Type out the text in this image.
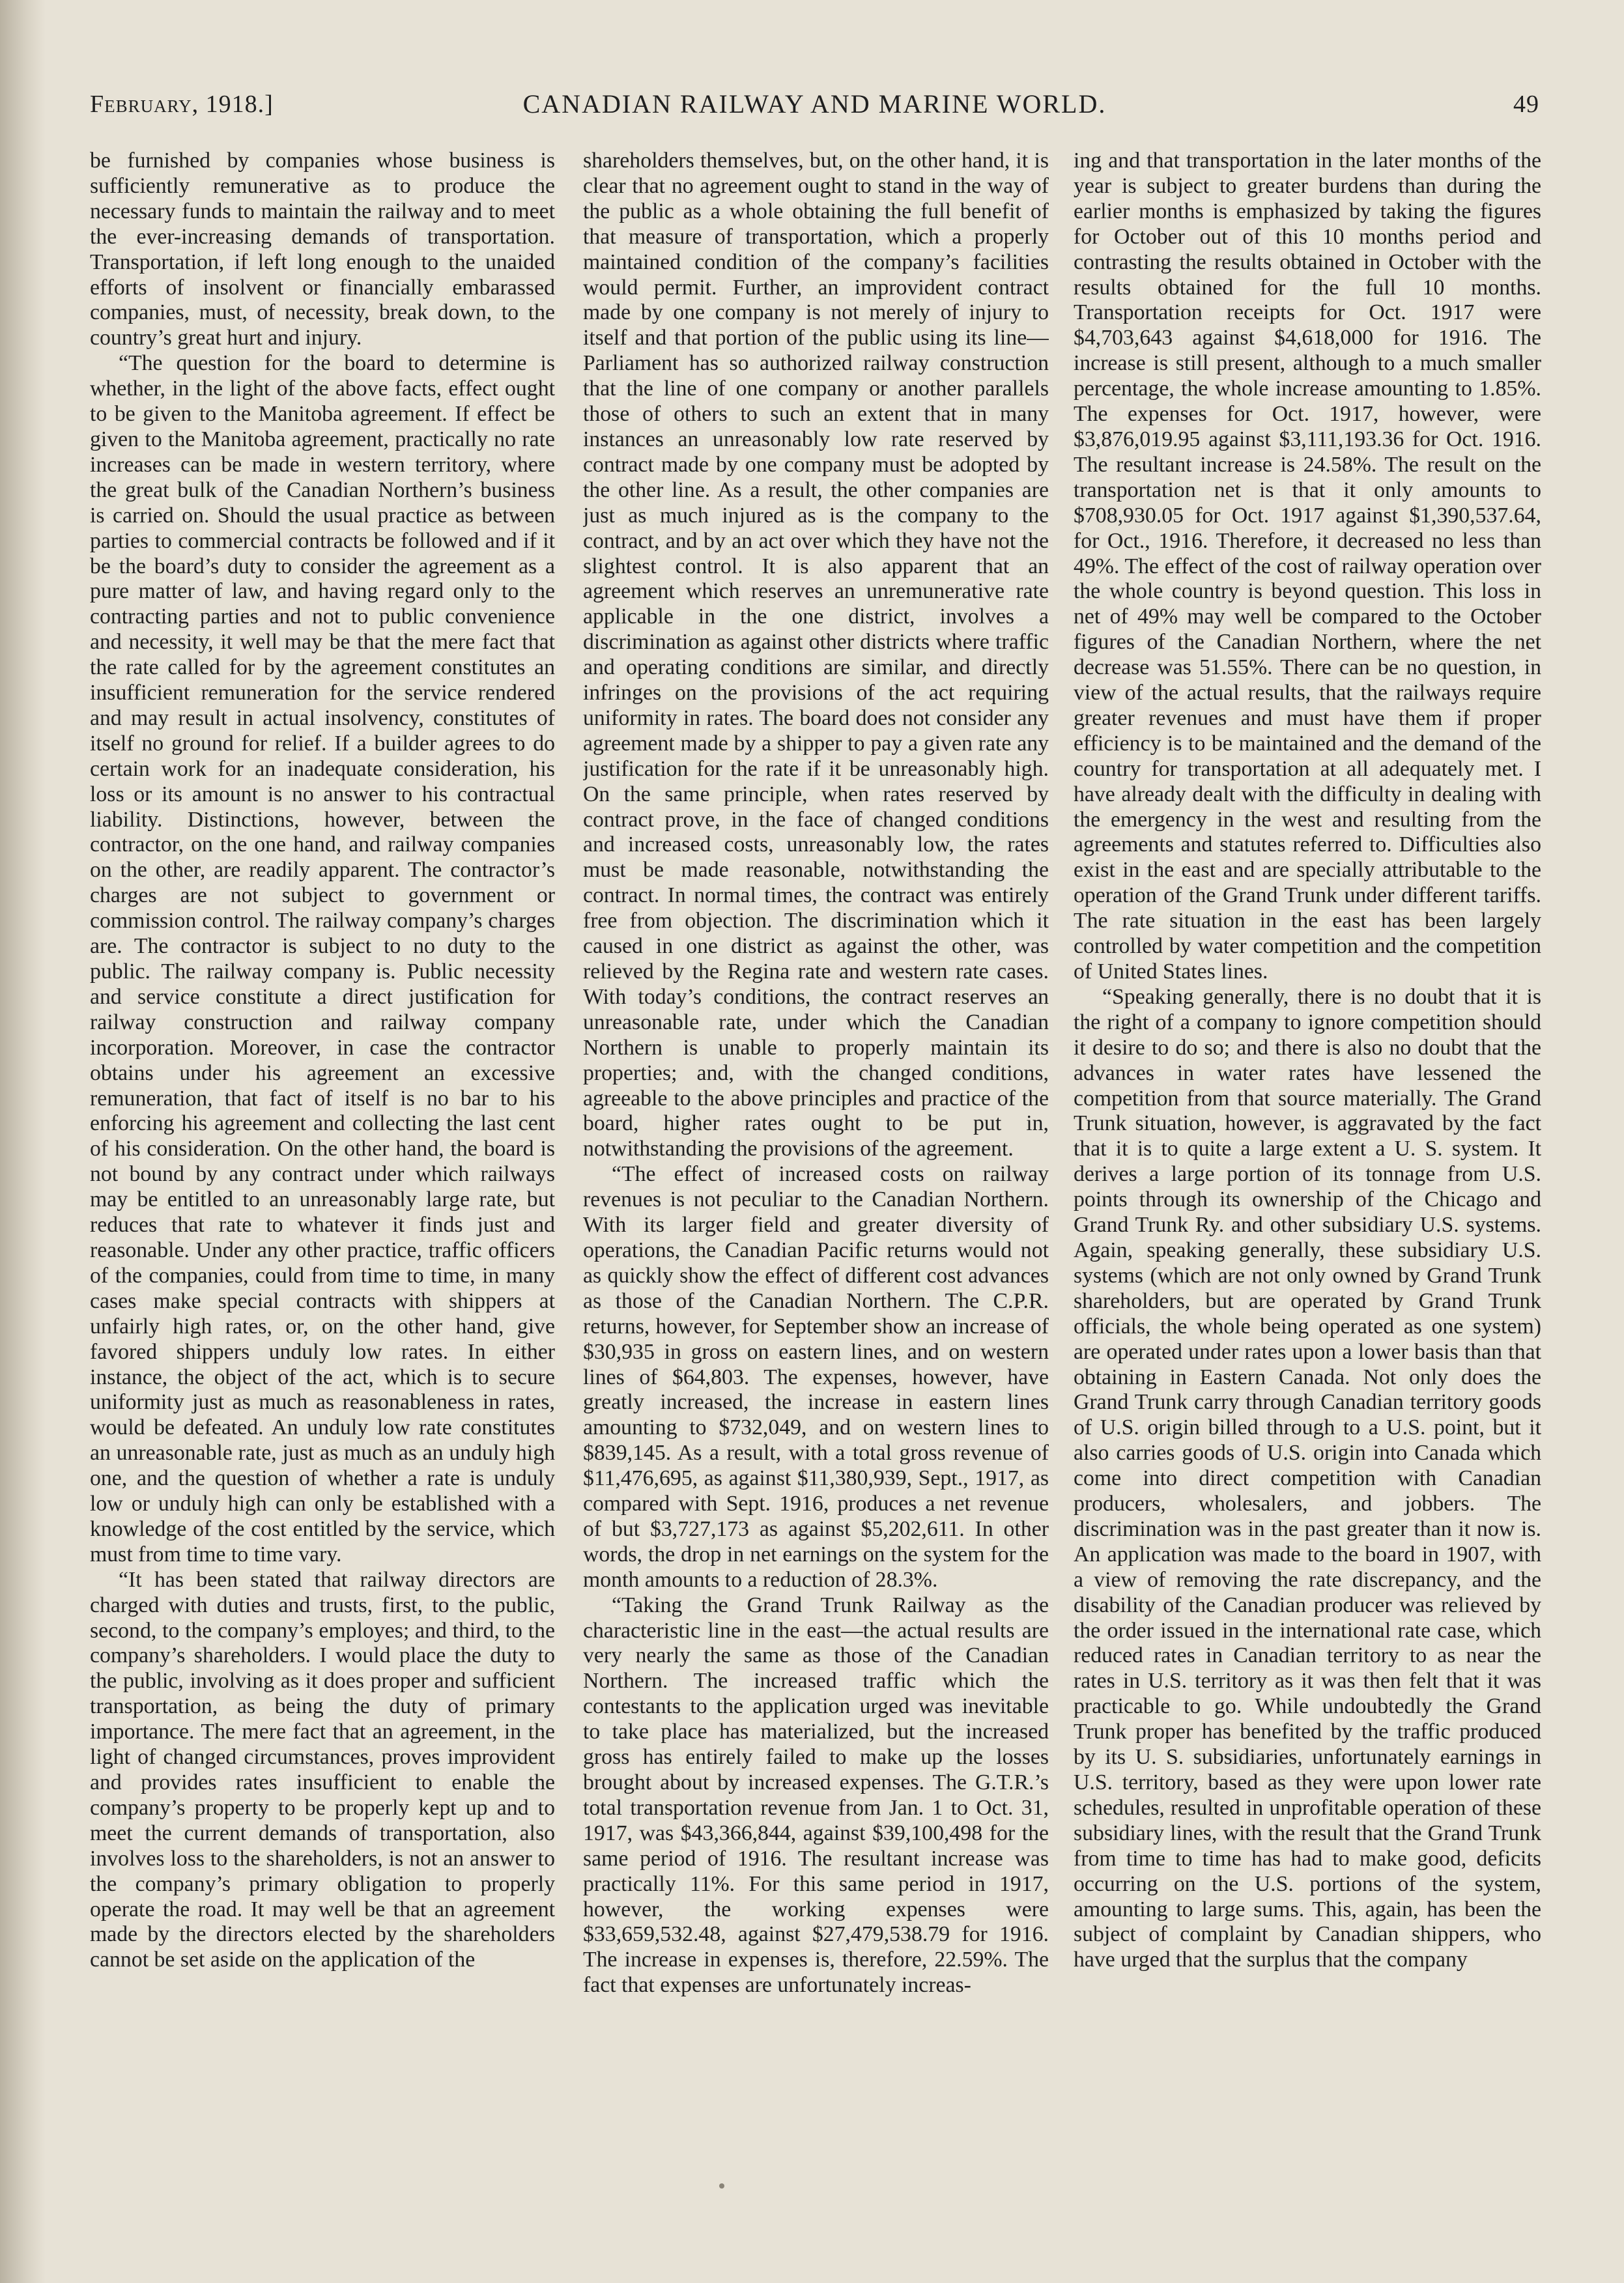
February, 1918.]	CANADIAN RAILWAY AND MARINE WORLD.	49

be furnished by companies whose business is sufficiently remunerative as to produce the necessary funds to maintain the railway and to meet the ever-increasing demands of transportation. Transportation, if left long enough to the unaided efforts of insolvent or financially embarassed companies, must, of necessity, break down, to the country’s great hurt and injury.

“The question for the board to determine is whether, in the light of the above facts, effect ought to be given to the Manitoba agreement. If effect be given to the Manitoba agreement, practically no rate increases can be made in western territory, where the great bulk of the Canadian Northern’s business is carried on. Should the usual practice as between parties to commercial contracts be followed and if it be the board’s duty to consider the agreement as a pure matter of law, and having regard only to the contracting parties and not to public convenience and necessity, it well may be that the mere fact that the rate called for by the agreement constitutes an insufficient remuneration for the service rendered and may result in actual insolvency, constitutes of itself no ground for relief. If a builder agrees to do certain work for an inadequate consideration, his loss or its amount is no answer to his contractual liability. Distinctions, however, between the contractor, on the one hand, and railway companies on the other, are readily apparent. The contractor’s charges are not subject to government or commission control. The railway company’s charges are. The contractor is subject to no duty to the public. The railway company is. Public necessity and service constitute a direct justification for railway construction and railway company incorporation. Moreover, in case the contractor obtains under his agreement an excessive remuneration, that fact of itself is no bar to his enforcing his agreement and collecting the last cent of his consideration. On the other hand, the board is not bound by any contract under which railways may be entitled to an unreasonably large rate, but reduces that rate to whatever it finds just and reasonable. Under any other practice, traffic officers of the companies, could from time to time, in many cases make special contracts with shippers at unfairly high rates, or, on the other hand, give favored shippers unduly low rates. In either instance, the object of the act, which is to secure uniformity just as much as reasonableness in rates, would be defeated. An unduly low rate constitutes an unreasonable rate, just as much as an unduly high one, and the question of whether a rate is unduly low or unduly high can only be established with a knowledge of the cost entitled by the service, which must from time to time vary.

“It has been stated that railway directors are charged with duties and trusts, first, to the public, second, to the company’s employes; and third, to the company’s shareholders. I would place the duty to the public, involving as it does proper and sufficient transportation, as being the duty of primary importance. The mere fact that an agreement, in the light of changed circumstances, proves improvident and provides rates insufficient to enable the company’s property to be properly kept up and to meet the current demands of transportation, also involves loss to the shareholders, is not an answer to the company’s primary obligation to properly operate the road. It may well be that an agreement made by the directors elected by the shareholders cannot be set aside on the application of the

shareholders themselves, but, on the other hand, it is clear that no agreement ought to stand in the way of the public as a whole obtaining the full benefit of that measure of transportation, which a properly maintained condition of the company’s facilities would permit. Further, an improvident contract made by one company is not merely of injury to itself and that portion of the public using its line—Parliament has so authorized railway construction that the line of one company or another parallels those of others to such an extent that in many instances an unreasonably low rate reserved by contract made by one company must be adopted by the other line. As a result, the other companies are just as much injured as is the company to the contract, and by an act over which they have not the slightest control. It is also apparent that an agreement which reserves an unremunerative rate applicable in the one district, involves a discrimination as against other districts where traffic and operating conditions are similar, and directly infringes on the provisions of the act requiring uniformity in rates. The board does not consider any agreement made by a shipper to pay a given rate any justification for the rate if it be unreasonably high. On the same principle, when rates reserved by contract prove, in the face of changed conditions and increased costs, unreasonably low, the rates must be made reasonable, notwithstanding the contract. In normal times, the contract was entirely free from objection. The discrimination which it caused in one district as against the other, was relieved by the Regina rate and western rate cases. With today’s conditions, the contract reserves an unreasonable rate, under which the Canadian Northern is unable to properly maintain its properties; and, with the changed conditions, agreeable to the above principles and practice of the board, higher rates ought to be put in, notwithstanding the provisions of the agreement.

“The effect of increased costs on railway revenues is not peculiar to the Canadian Northern. With its larger field and greater diversity of operations, the Canadian Pacific returns would not as quickly show the effect of different cost advances as those of the Canadian Northern. The C.P.R. returns, however, for September show an increase of $30,935 in gross on eastern lines, and on western lines of $64,803. The expenses, however, have greatly increased, the increase in eastern lines amounting to $732,049, and on western lines to $839,145. As a result, with a total gross revenue of $11,476,695, as against $11,380,939, Sept., 1917, as compared with Sept. 1916, produces a net revenue of but $3,727,173 as against $5,202,611. In other words, the drop in net earnings on the system for the month amounts to a reduction of 28.3%.

“Taking the Grand Trunk Railway as the characteristic line in the east—the actual results are very nearly the same as those of the Canadian Northern. The increased traffic which the contestants to the application urged was inevitable to take place has materialized, but the increased gross has entirely failed to make up the losses brought about by increased expenses. The G.T.R.’s total transportation revenue from Jan. 1 to Oct. 31, 1917, was $43,366,844, against $39,100,498 for the same period of 1916. The resultant increase was practically 11%. For this same period in 1917, however, the working expenses were $33,659,532.48, against $27,479,538.79 for 1916. The increase in expenses is, therefore, 22.59%. The fact that expenses are unfortunately increas-

ing and that transportation in the later months of the year is subject to greater burdens than during the earlier months is emphasized by taking the figures for October out of this 10 months period and contrasting the results obtained in October with the results obtained for the full 10 months. Transportation receipts for Oct. 1917 were $4,703,643 against $4,618,000 for 1916. The increase is still present, although to a much smaller percentage, the whole increase amounting to 1.85%. The expenses for Oct. 1917, however, were $3,876,019.95 against $3,111,193.36 for Oct. 1916. The resultant increase is 24.58%. The result on the transportation net is that it only amounts to $708,930.05 for Oct. 1917 against $1,390,537.64, for Oct., 1916. Therefore, it decreased no less than 49%. The effect of the cost of railway operation over the whole country is beyond question. This loss in net of 49% may well be compared to the October figures of the Canadian Northern, where the net decrease was 51.55%. There can be no question, in view of the actual results, that the railways require greater revenues and must have them if proper efficiency is to be maintained and the demand of the country for transportation at all adequately met. I have already dealt with the difficulty in dealing with the emergency in the west and resulting from the agreements and statutes referred to. Difficulties also exist in the east and are specially attributable to the operation of the Grand Trunk under different tariffs. The rate situation in the east has been largely controlled by water competition and the competition of United States lines.

“Speaking generally, there is no doubt that it is the right of a company to ignore competition should it desire to do so; and there is also no doubt that the advances in water rates have lessened the competition from that source materially. The Grand Trunk situation, however, is aggravated by the fact that it is to quite a large extent a U. S. system. It derives a large portion of its tonnage from U.S. points through its ownership of the Chicago and Grand Trunk Ry. and other subsidiary U.S. systems. Again, speaking generally, these subsidiary U.S. systems (which are not only owned by Grand Trunk shareholders, but are operated by Grand Trunk officials, the whole being operated as one system) are operated under rates upon a lower basis than that obtaining in Eastern Canada. Not only does the Grand Trunk carry through Canadian territory goods of U.S. origin billed through to a U.S. point, but it also carries goods of U.S. origin into Canada which come into direct competition with Canadian producers, wholesalers, and jobbers. The discrimination was in the past greater than it now is. An application was made to the board in 1907, with a view of removing the rate discrepancy, and the disability of the Canadian producer was relieved by the order issued in the international rate case, which reduced rates in Canadian territory to as near the rates in U.S. territory as it was then felt that it was practicable to go. While undoubtedly the Grand Trunk proper has benefited by the traffic produced by its U. S. subsidiaries, unfortunately earnings in U.S. territory, based as they were upon lower rate schedules, resulted in unprofitable operation of these subsidiary lines, with the result that the Grand Trunk from time to time has had to make good, deficits occurring on the U.S. portions of the system, amounting to large sums. This, again, has been the subject of complaint by Canadian shippers, who have urged that the surplus that the company
